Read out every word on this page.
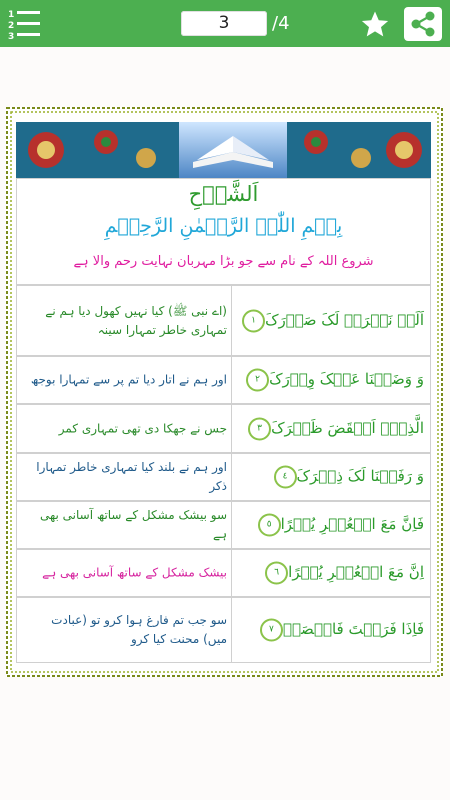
1
2
3
3	/4
اَلشَّرۡحِ
بِسۡمِ اللّٰہِ الرَّحۡمٰنِ الرَّحِیۡمِ
شروع اللہ کے نام سے جو بڑا مہربان نہایت رحم والا ہے
اَلَمۡ نَشۡرَحۡ لَکَ صَدۡرَکَ١
(اے نبی ﷺ) کیا نہیں کھول دیا ہم نے تمہاری خاطر تمہارا سینہ
وَ وَضَعۡنَا عَنۡکَ وِزۡرَکَ٢
اور ہم نے اتار دیا تم پر سے تمہارا بوجھ
الَّذِیۡۤ اَنۡقَضَ ظَہۡرَکَ٣
جس نے جھکا دی تھی تمہاری کمر
وَ رَفَعۡنَا لَکَ ذِکۡرَکَ٤
اور ہم نے بلند کیا تمہاری خاطر تمہارا ذکر
فَاِنَّ مَعَ الۡعُسۡرِ یُسۡرًا٥
سو بیشک مشکل کے ساتھ آسانی بھی ہے
اِنَّ مَعَ الۡعُسۡرِ یُسۡرًا٦
بیشک مشکل کے ساتھ آسانی بھی ہے
فَاِذَا فَرَغۡتَ فَانۡصَبۡ٧
سو جب تم فارغ ہوا کرو تو (عبادت میں) محنت کیا کرو
